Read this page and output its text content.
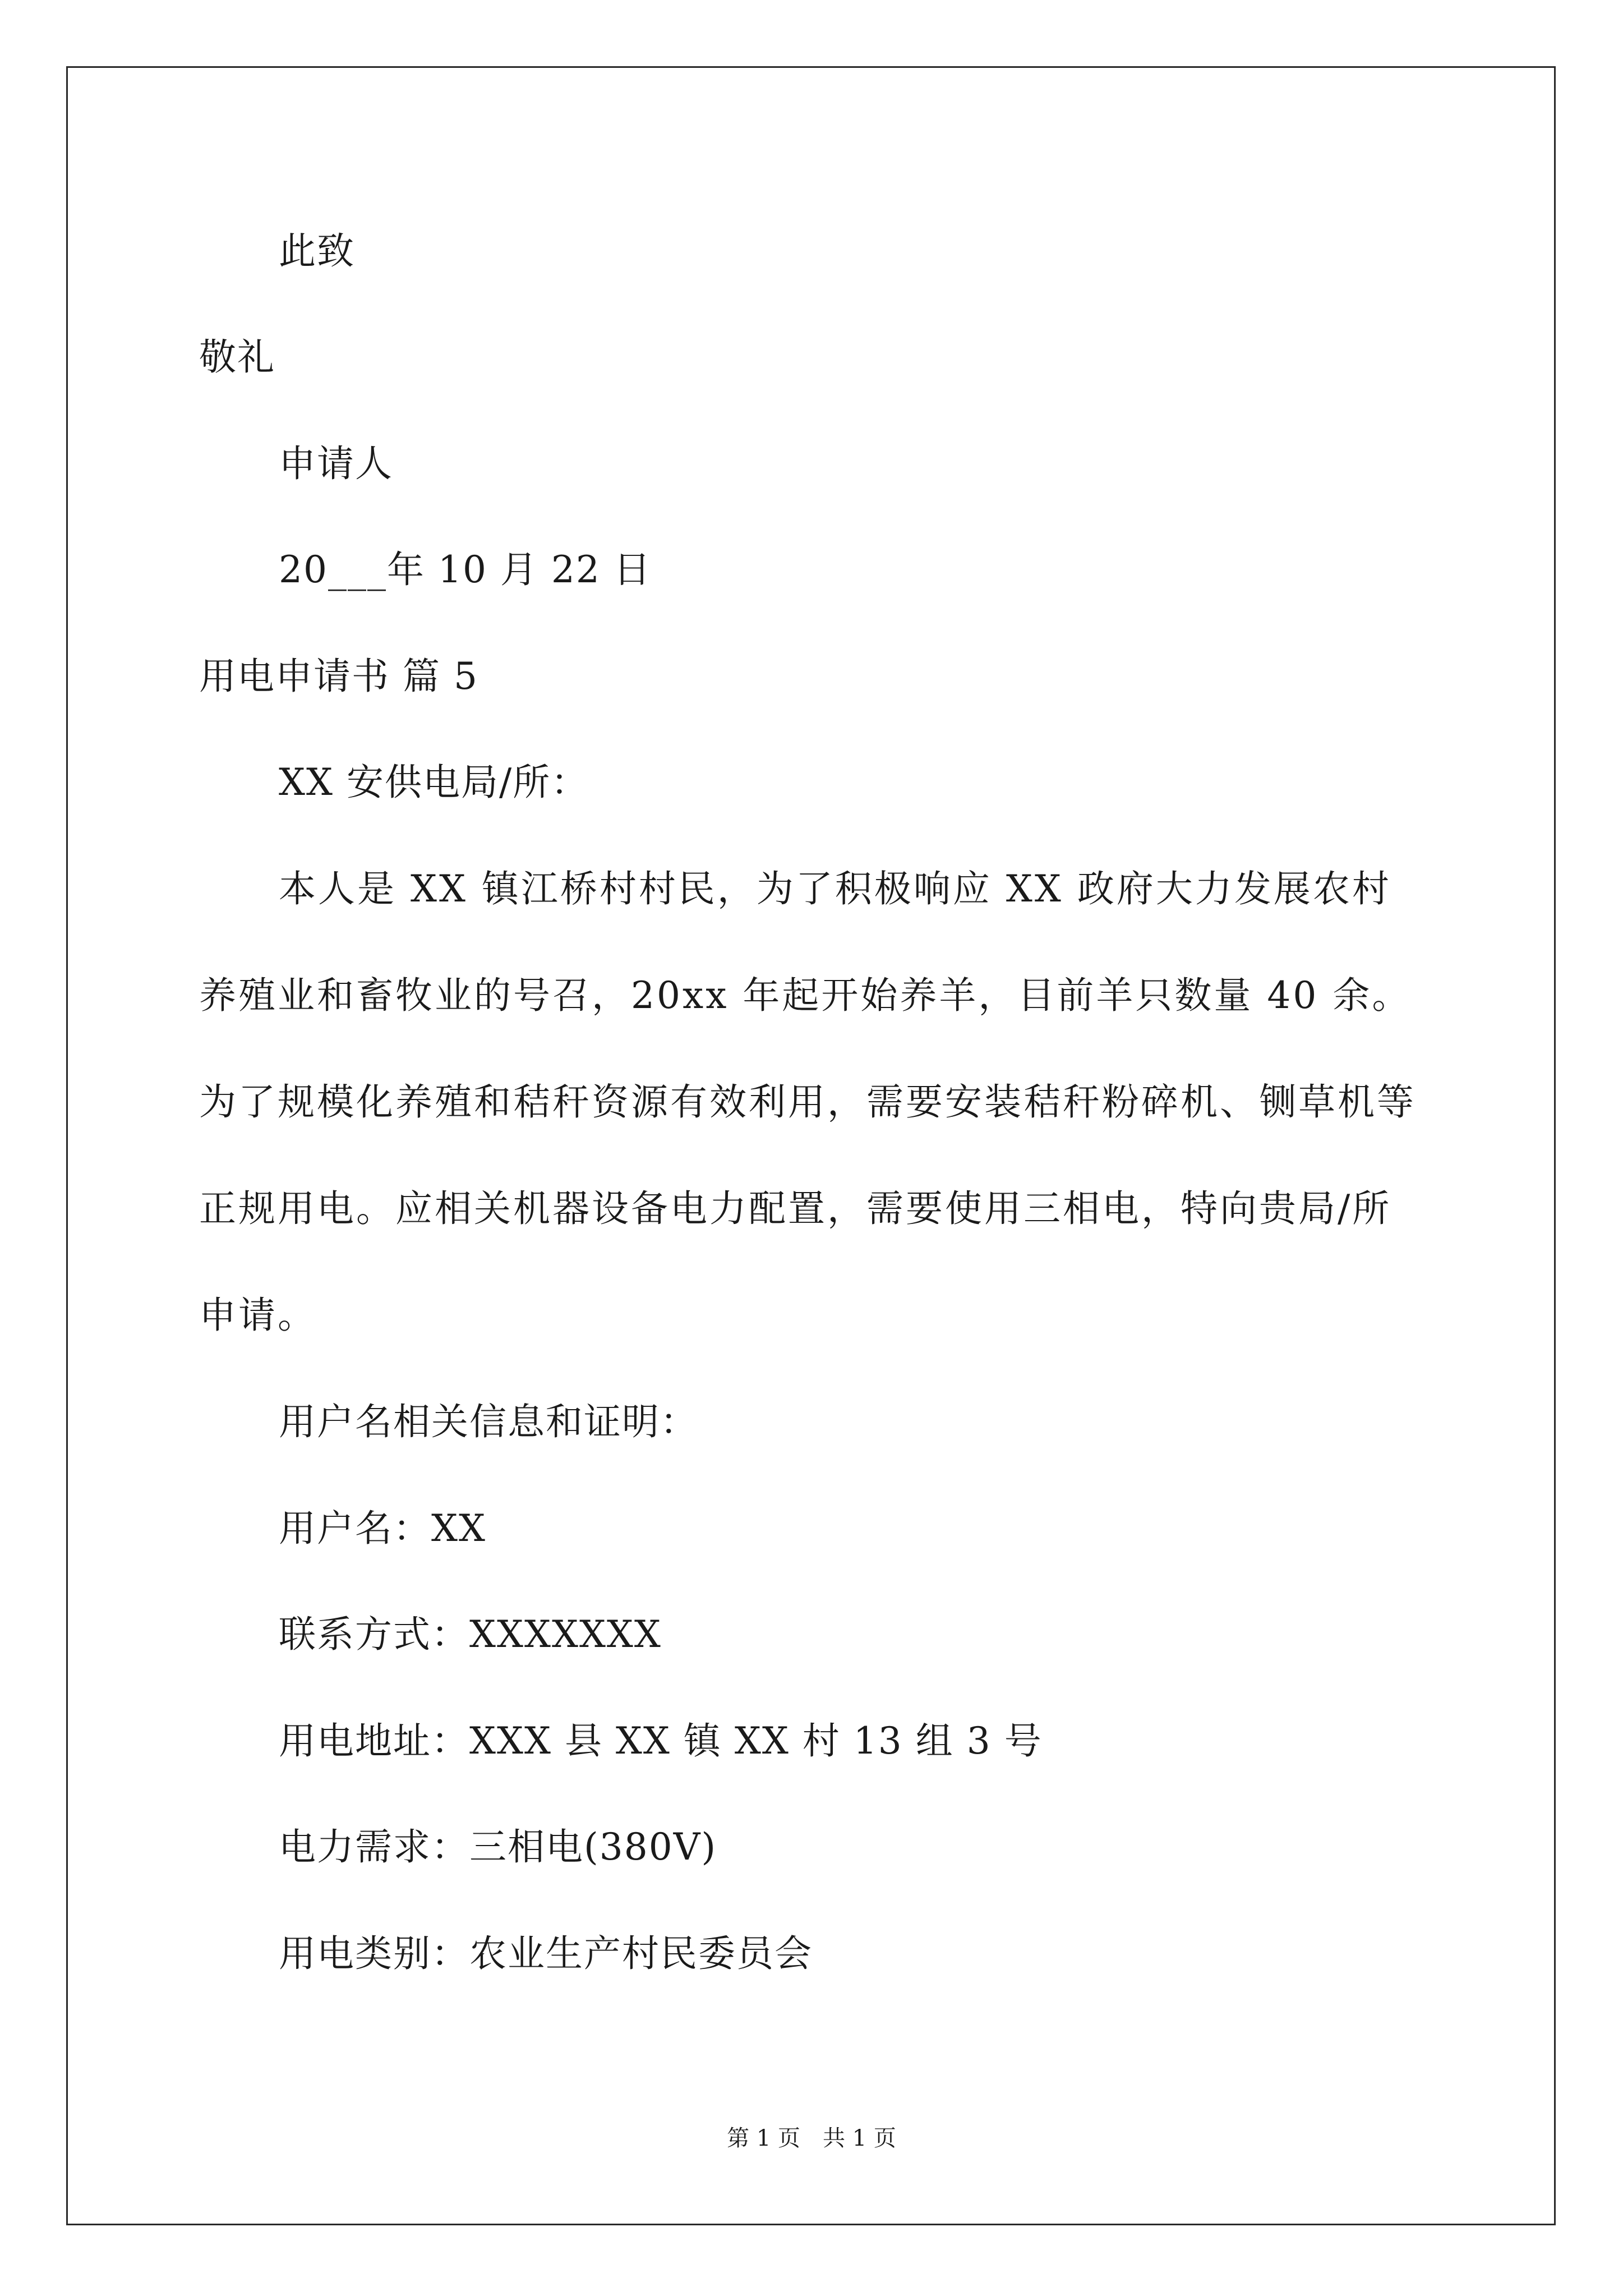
此致
敬礼
申请人
20___年 10 月 22 日
用电申请书 篇 5
XX 安供电局/所：
本人是 XX 镇江桥村村民，为了积极响应 XX 政府大力发展农村养殖业和畜牧业的号召，20xx 年起开始养羊，目前羊只数量 40 余。为了规模化养殖和秸秆资源有效利用，需要安装秸秆粉碎机、铡草机等正规用电。应相关机器设备电力配置，需要使用三相电，特向贵局/所申请。
用户名相关信息和证明：
用户名：XX
联系方式：XXXXXXX
用电地址：XXX 县 XX 镇 XX 村 13 组 3 号
电力需求：三相电(380V)
用电类别：农业生产村民委员会
第 1 页　共 1 页
